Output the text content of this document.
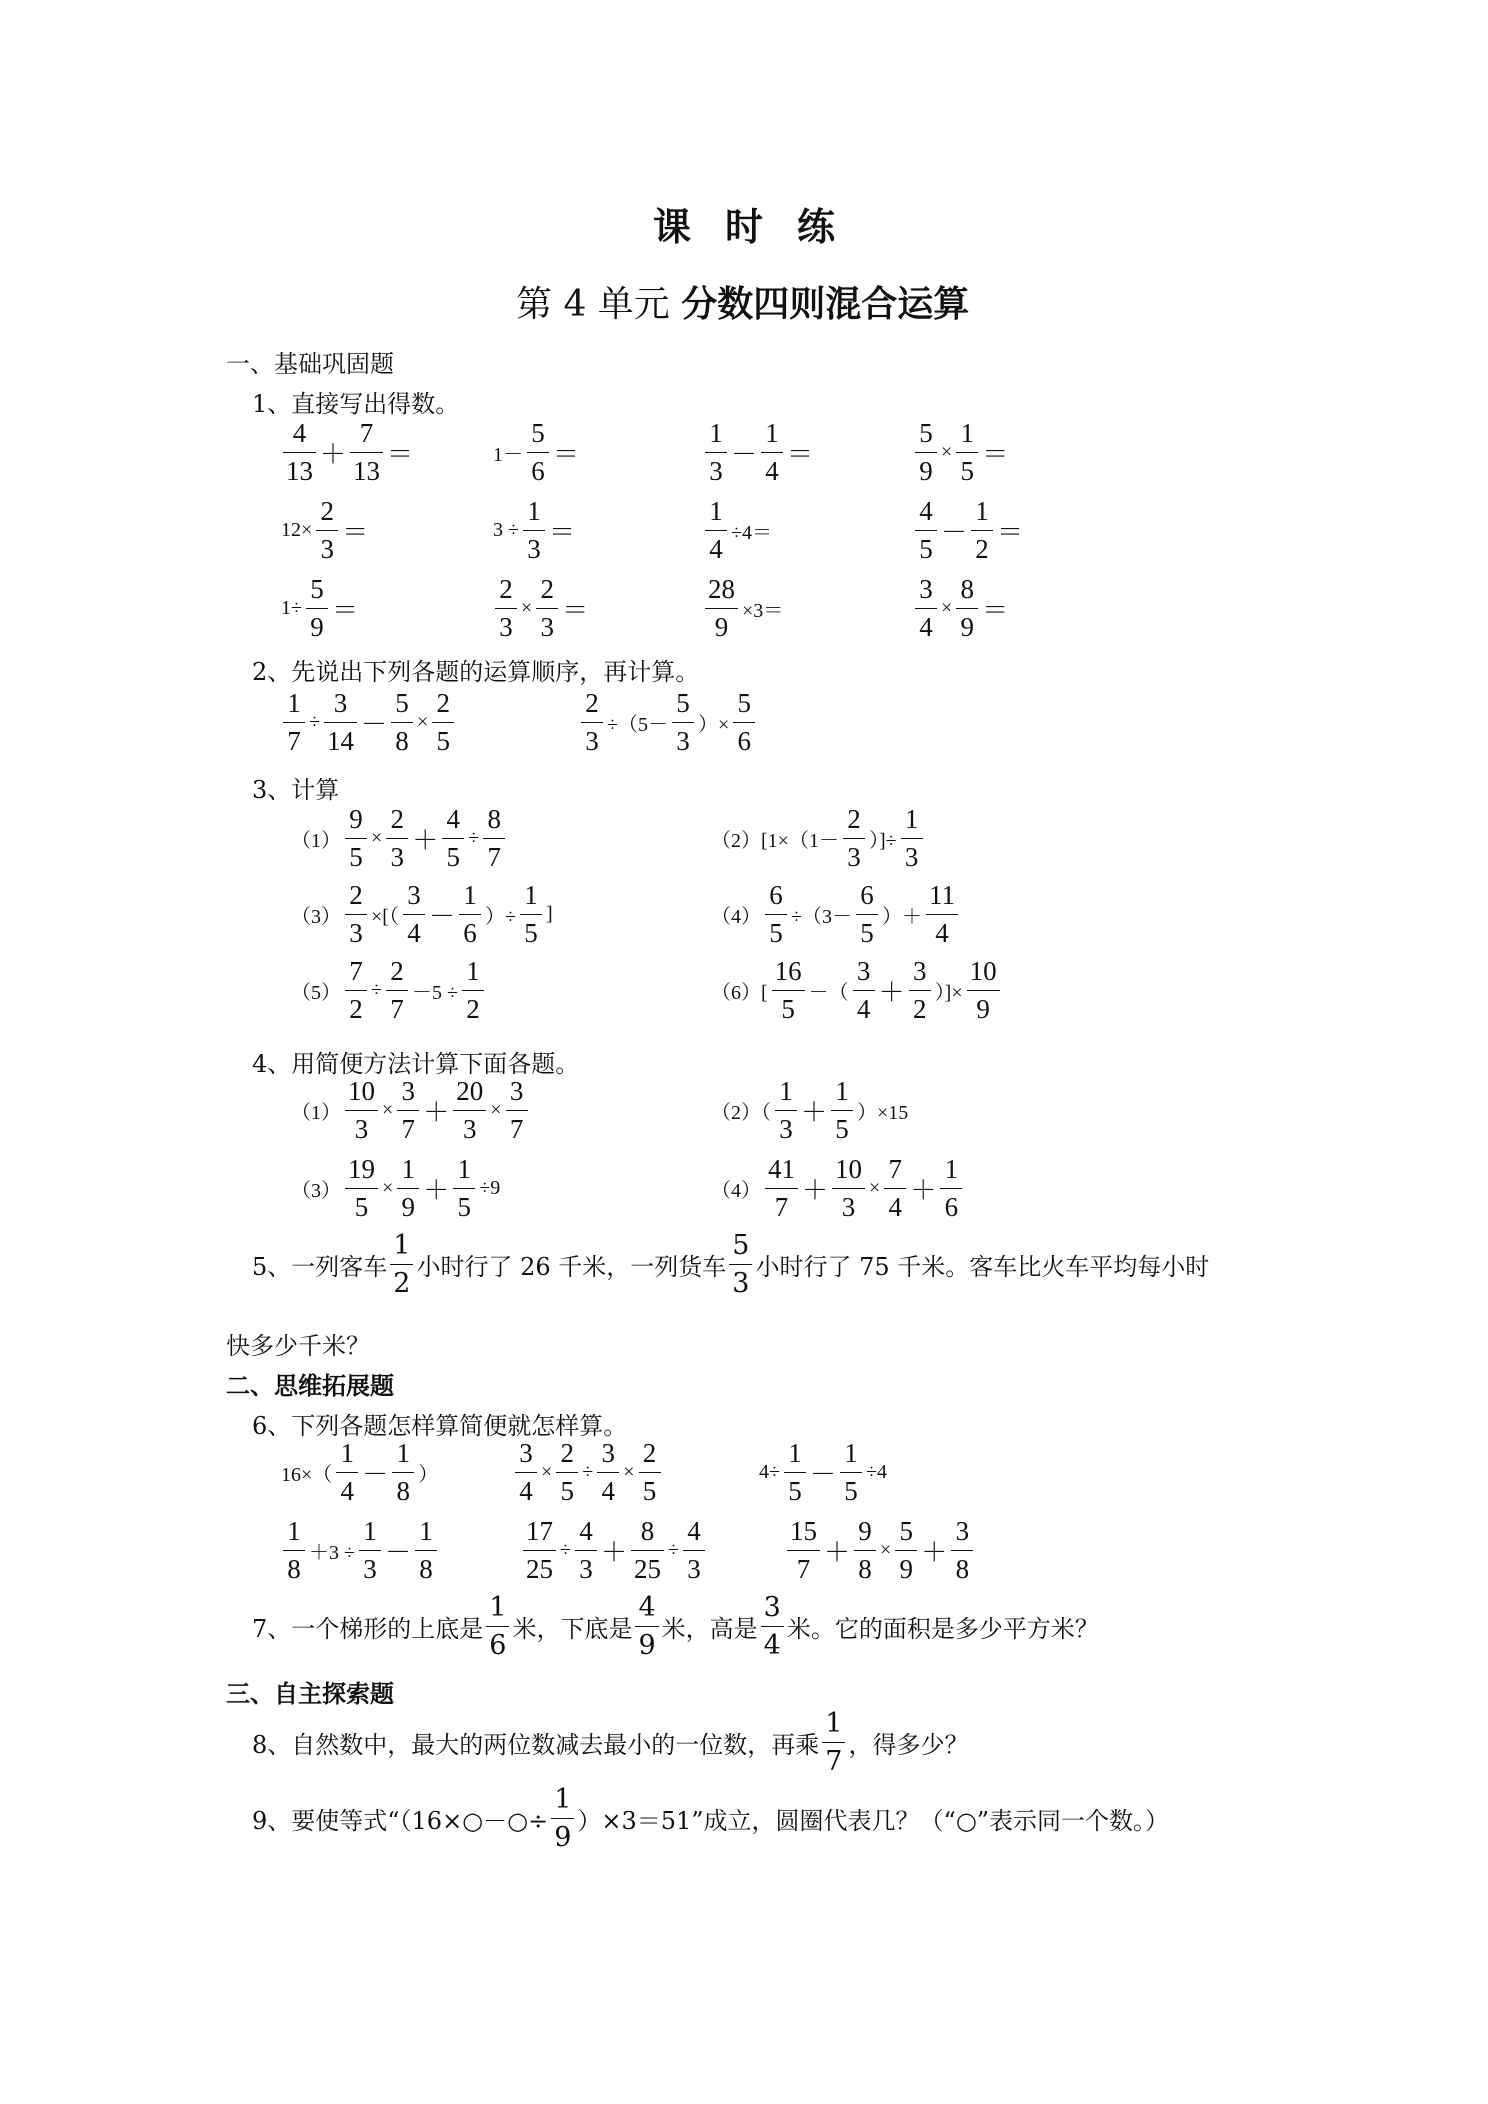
课 时 练
第 4 单元 分数四则混合运算
一、基础巩固题
1、直接写出得数。
$\frac{4}{13} + \frac{7}{13}$ ＝	$1- \frac{5}{6}$ ＝	$\frac{1}{3} - \frac{1}{4}$ ＝	$\frac{5}{9} \times \frac{1}{5}$ ＝
$12\times \frac{2}{3}$ ＝	$3 \div \frac{1}{3}$ ＝	$\frac{1}{4} \div 4=$	$\frac{4}{5} - \frac{1}{2}$ ＝
$1\div \frac{5}{9}$ ＝	$\frac{2}{3} \times \frac{2}{3}$ ＝	$\frac{28}{9} \times 3=$	$\frac{3}{4} \times \frac{8}{9}$ ＝
2、先说出下列各题的运算顺序，再计算。
$\frac{1}{7} \div \frac{3}{14} - \frac{5}{8} \times \frac{2}{5}$	$\frac{2}{3} \div(5- \frac{5}{3}$ ）× $\frac{5}{6}$
3、计算
$(1) \frac{9}{5} \times \frac{2}{3} + \frac{4}{5} \div \frac{8}{7}$	$(2)[1\times(1- \frac{2}{3}$ ）]÷ $\frac{1}{3}$
$(3) \frac{2}{3}$ ×[（ $\frac{3}{4} - \frac{1}{6}$ ）÷ $\frac{1}{5}$ ]	$(4) \frac{6}{5} \div(3- \frac{6}{5}$ ）＋ $\frac{11}{4}$
$(5) \frac{7}{2} \div \frac{2}{7} -5 \div \frac{1}{2}$	$(6)[ \frac{16}{5}$ －（ $\frac{3}{4} + \frac{3}{2}$ ）]× $\frac{10}{9}$
4、用简便方法计算下面各题。
$(1) \frac{10}{3} \times \frac{3}{7} + \frac{20}{3} \times \frac{3}{7}$	$(2)( \frac{1}{3} + \frac{1}{5} )\times 15$
$(3) \frac{19}{5} \times \frac{1}{9} + \frac{1}{5} \div 9$	$(4) \frac{41}{7} + \frac{10}{3} \times \frac{7}{4} + \frac{1}{6}$
5、一列客车 $\frac{1}{2}$ 小时行了 26 千米，一列货车 $\frac{5}{3}$ 小时行了 75 千米。客车比火车平均每小时
快多少千米？
二、思维拓展题
6、下列各题怎样算简便就怎样算。
$16\times( \frac{1}{4} - \frac{1}{8}$ ）	$\frac{3}{4} \times \frac{2}{5} \div \frac{3}{4} \times \frac{2}{5}$	$4\div \frac{1}{5} - \frac{1}{5} \div 4$
$\frac{1}{8} +3 \div \frac{1}{3} - \frac{1}{8}$	$\frac{17}{25} \div \frac{4}{3} + \frac{8}{25} \div \frac{4}{3}$	$\frac{15}{7} + \frac{9}{8} \times \frac{5}{9} + \frac{3}{8}$
7、一个梯形的上底是 $\frac{1}{6}$ 米，下底是 $\frac{4}{9}$ 米，高是 $\frac{3}{4}$ 米。它的面积是多少平方米？
三、自主探索题
8、自然数中，最大的两位数减去最小的一位数，再乘 $\frac{1}{7}$ ，得多少？
9、要使等式“（16×○－○÷ $\frac{1}{9} )\times 3=51$”成立，圆圈代表几？（“○”表示同一个数。）
